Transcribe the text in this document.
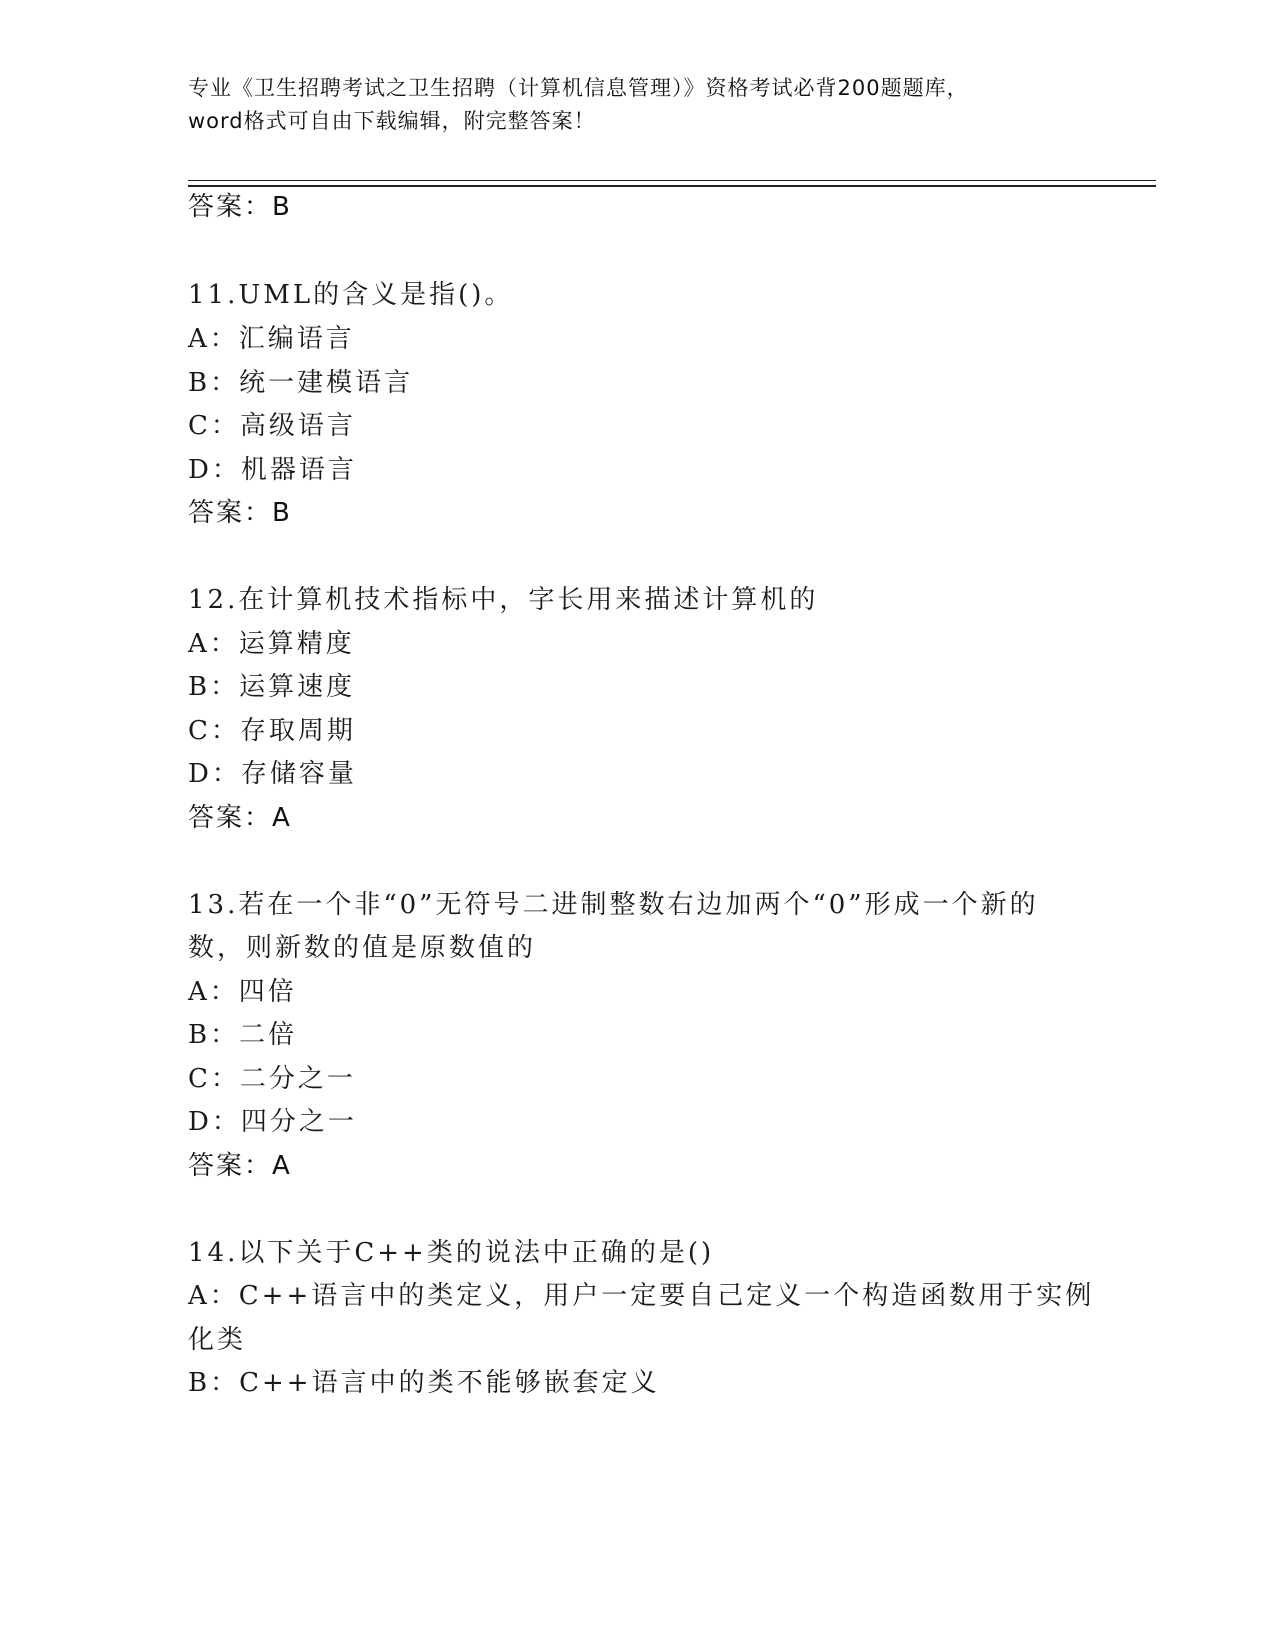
专业《卫生招聘考试之卫生招聘（计算机信息管理）》资格考试必背200题题库，
word格式可自由下载编辑，附完整答案！
答案：B
11.UML的含义是指()。
A：汇编语言
B：统一建模语言
C：高级语言
D：机器语言
答案：B
12.在计算机技术指标中，字长用来描述计算机的
A：运算精度
B：运算速度
C：存取周期
D：存储容量
答案：A
13.若在一个非“0”无符号二进制整数右边加两个“0”形成一个新的
数，则新数的值是原数值的
A：四倍
B：二倍
C：二分之一
D：四分之一
答案：A
14.以下关于C++类的说法中正确的是()
A：C++语言中的类定义，用户一定要自己定义一个构造函数用于实例
化类
B：C++语言中的类不能够嵌套定义
